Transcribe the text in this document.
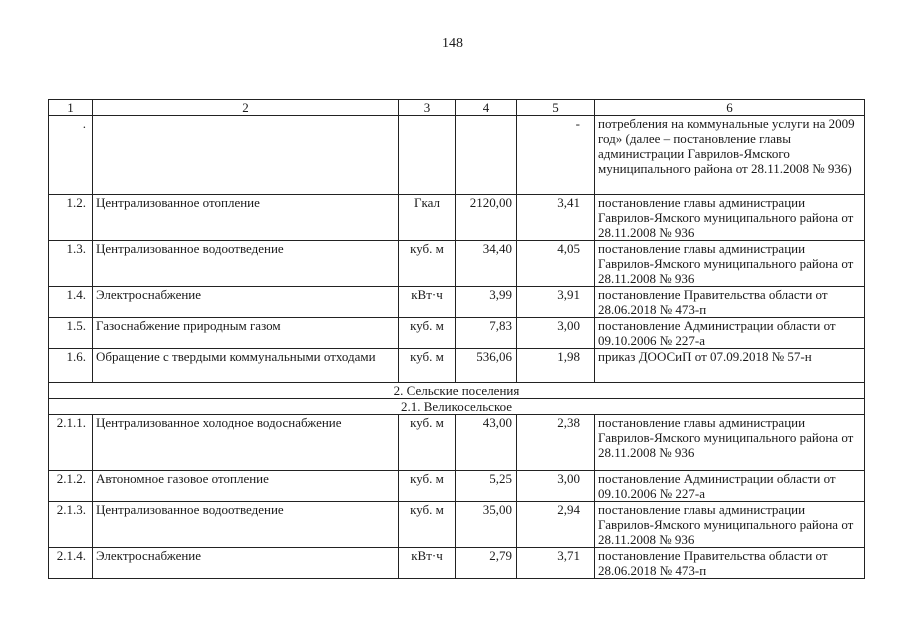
148
1	2	3	4	5	6
.				-	потребления на коммунальные услуги на 2009 год» (далее – постановление главы администрации Гаврилов-Ямского муниципального района от 28.11.2008 № 936)
1.2.	Централизованное отопление	Гкал	2120,00	3,41	постановление главы администрации Гаврилов-Ямского муниципального района от 28.11.2008 № 936
1.3.	Централизованное водоотведение	куб. м	34,40	4,05	постановление главы администрации Гаврилов-Ямского муниципального района от 28.11.2008 № 936
1.4.	Электроснабжение	кВт·ч	3,99	3,91	постановление Правительства области от 28.06.2018 № 473-п
1.5.	Газоснабжение природным газом	куб. м	7,83	3,00	постановление Администрации области от 09.10.2006 № 227-а
1.6.	Обращение с твердыми коммунальными отходами	куб. м	536,06	1,98	приказ ДООСиП от 07.09.2018 № 57-н
2. Сельские поселения					
2.1. Великосельское					
2.1.1.	Централизованное холодное водоснабжение	куб. м	43,00	2,38	постановление главы администрации Гаврилов-Ямского муниципального района от 28.11.2008 № 936
2.1.2.	Автономное газовое отопление	куб. м	5,25	3,00	постановление Администрации области от 09.10.2006 № 227-а
2.1.3.	Централизованное водоотведение	куб. м	35,00	2,94	постановление главы администрации Гаврилов-Ямского муниципального района от 28.11.2008 № 936
2.1.4.	Электроснабжение	кВт·ч	2,79	3,71	постановление Правительства области от 28.06.2018 № 473-п
